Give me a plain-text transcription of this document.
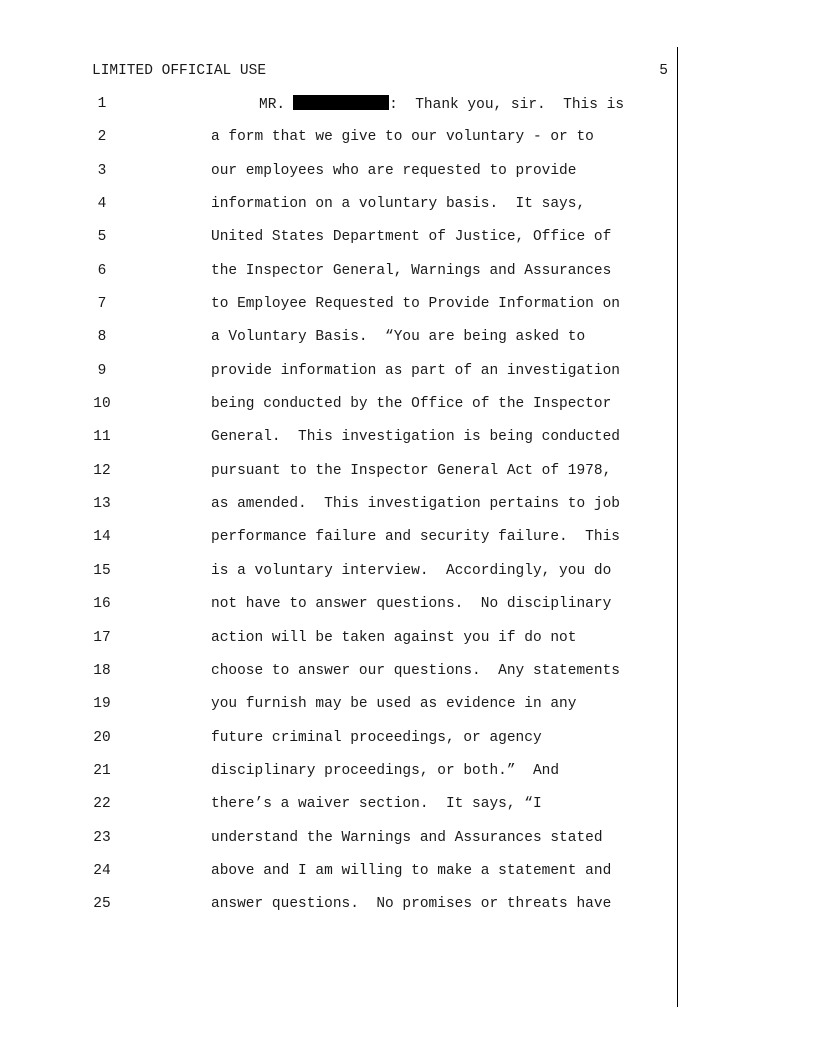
LIMITED OFFICIAL USE	5
1	MR.	:  Thank you, sir.  This is
2	a form that we give to our voluntary - or to
3	our employees who are requested to provide
4	information on a voluntary basis.  It says,
5	United States Department of Justice, Office of
6	the Inspector General, Warnings and Assurances
7	to Employee Requested to Provide Information on
8	a Voluntary Basis.  “You are being asked to
9	provide information as part of an investigation
10	being conducted by the Office of the Inspector
11	General.  This investigation is being conducted
12	pursuant to the Inspector General Act of 1978,
13	as amended.  This investigation pertains to job
14	performance failure and security failure.  This
15	is a voluntary interview.  Accordingly, you do
16	not have to answer questions.  No disciplinary
17	action will be taken against you if do not
18	choose to answer our questions.  Any statements
19	you furnish may be used as evidence in any
20	future criminal proceedings, or agency
21	disciplinary proceedings, or both.”  And
22	there’s a waiver section.  It says, “I
23	understand the Warnings and Assurances stated
24	above and I am willing to make a statement and
25	answer questions.  No promises or threats have
